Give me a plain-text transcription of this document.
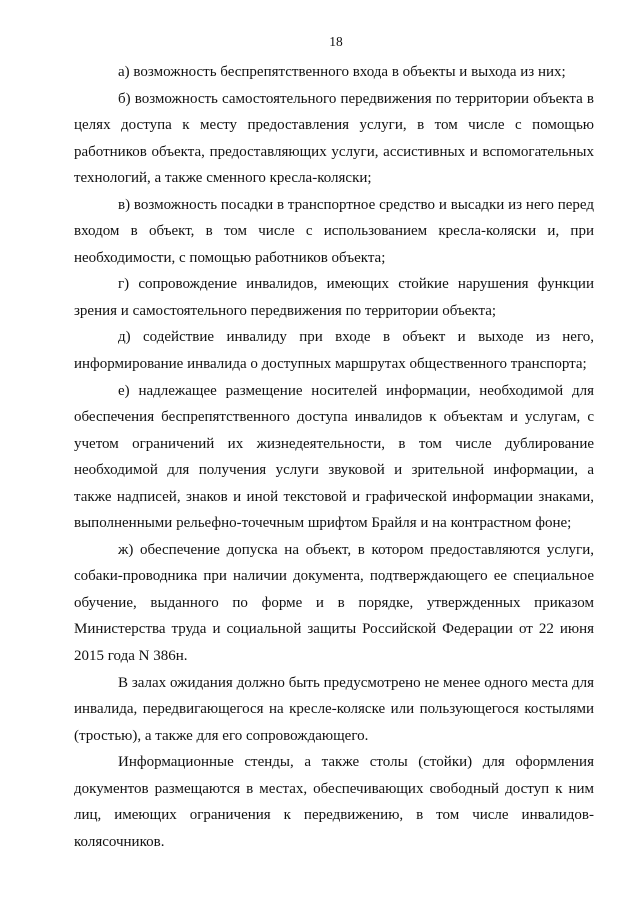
18
а) возможность беспрепятственного входа в объекты и выхода из них;
б) возможность самостоятельного передвижения по территории объекта в
целях доступа к месту предоставления услуги, в том числе с помощью
работников объекта, предоставляющих услуги, ассистивных и вспомогательных
технологий, а также сменного кресла-коляски;
в) возможность посадки в транспортное средство и высадки из него перед
входом в объект, в том числе с использованием кресла-коляски и, при
необходимости, с помощью работников объекта;
г) сопровождение инвалидов, имеющих стойкие нарушения функции
зрения и самостоятельного передвижения по территории объекта;
д) содействие инвалиду при входе в объект и выходе из него,
информирование инвалида о доступных маршрутах общественного транспорта;
е) надлежащее размещение носителей информации, необходимой для
обеспечения беспрепятственного доступа инвалидов к объектам и услугам, с
учетом ограничений их жизнедеятельности, в том числе дублирование
необходимой для получения услуги звуковой и зрительной информации, а
также надписей, знаков и иной текстовой и графической информации знаками,
выполненными рельефно-точечным шрифтом Брайля и на контрастном фоне;
ж) обеспечение допуска на объект, в котором предоставляются услуги,
собаки-проводника при наличии документа, подтверждающего ее специальное
обучение, выданного по форме и в порядке, утвержденных приказом
Министерства труда и социальной защиты Российской Федерации от 22 июня
2015 года N 386н.
В залах ожидания должно быть предусмотрено не менее одного места для
инвалида, передвигающегося на кресле-коляске или пользующегося костылями
(тростью), а также для его сопровождающего.
Информационные стенды, а также столы (стойки) для оформления
документов размещаются в местах, обеспечивающих свободный доступ к ним
лиц, имеющих ограничения к передвижению, в том числе инвалидов-
колясочников.
